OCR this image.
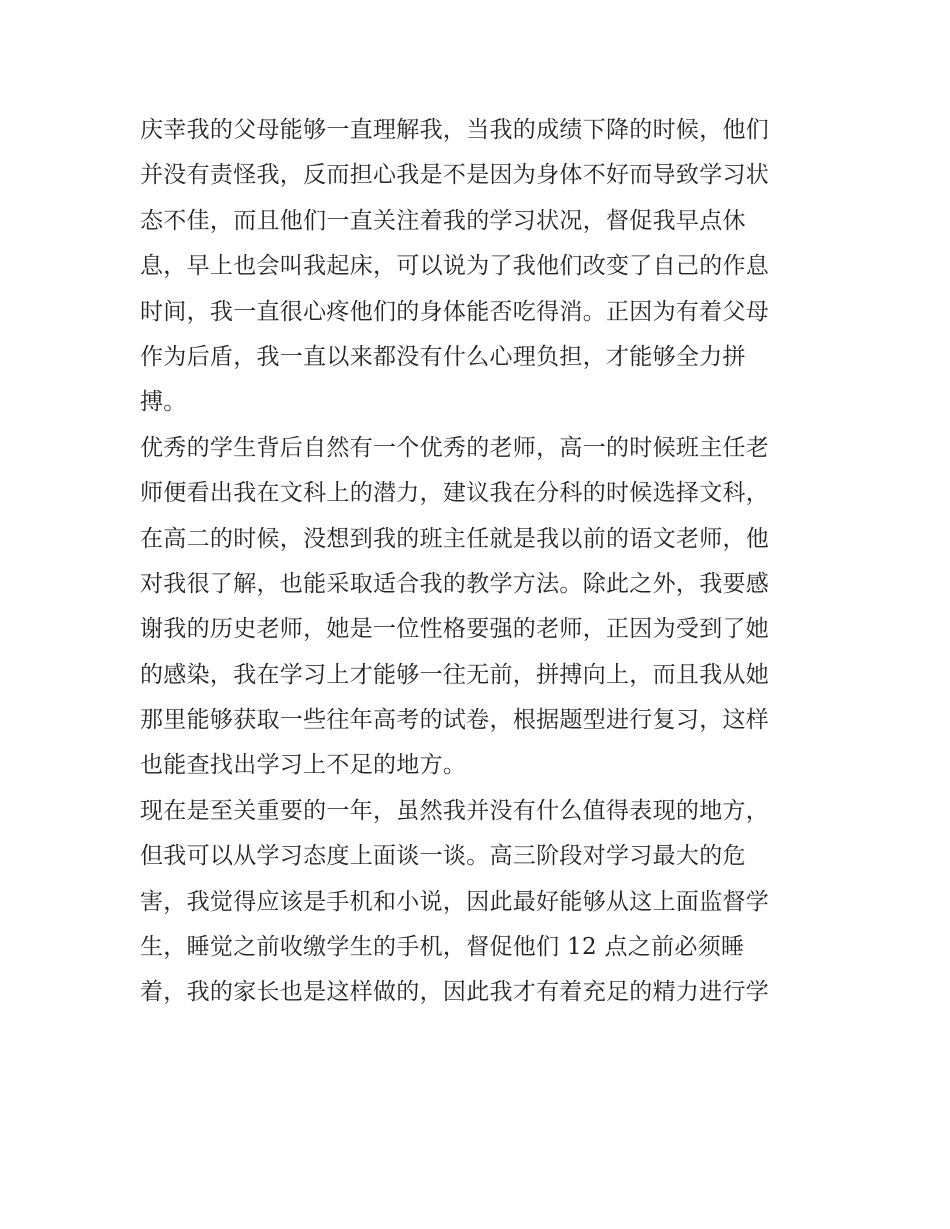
庆幸我的父母能够一直理解我，当我的成绩下降的时候，他们
并没有责怪我，反而担心我是不是因为身体不好而导致学习状
态不佳，而且他们一直关注着我的学习状况，督促我早点休
息，早上也会叫我起床，可以说为了我他们改变了自己的作息
时间，我一直很心疼他们的身体能否吃得消。正因为有着父母
作为后盾，我一直以来都没有什么心理负担，才能够全力拼
搏。
优秀的学生背后自然有一个优秀的老师，高一的时候班主任老
师便看出我在文科上的潜力，建议我在分科的时候选择文科，
在高二的时候，没想到我的班主任就是我以前的语文老师，他
对我很了解，也能采取适合我的教学方法。除此之外，我要感
谢我的历史老师，她是一位性格要强的老师，正因为受到了她
的感染，我在学习上才能够一往无前，拼搏向上，而且我从她
那里能够获取一些往年高考的试卷，根据题型进行复习，这样
也能查找出学习上不足的地方。
现在是至关重要的一年，虽然我并没有什么值得表现的地方，
但我可以从学习态度上面谈一谈。高三阶段对学习最大的危
害，我觉得应该是手机和小说，因此最好能够从这上面监督学
生，睡觉之前收缴学生的手机，督促他们 12 点之前必须睡
着，我的家长也是这样做的，因此我才有着充足的精力进行学
